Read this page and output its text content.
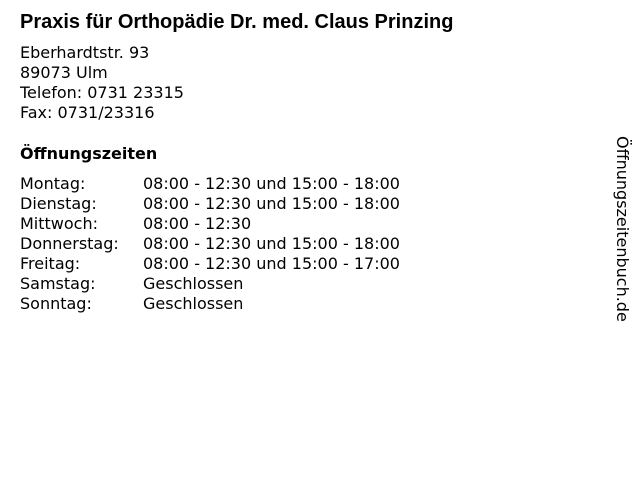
Praxis für Orthopädie Dr. med. Claus Prinzing
Eberhardtstr. 93
89073 Ulm
Telefon: 0731 23315
Fax: 0731/23316
Öffnungszeiten
Montag:	08:00 - 12:30 und 15:00 - 18:00
Dienstag:	08:00 - 12:30 und 15:00 - 18:00
Mittwoch:	08:00 - 12:30
Donnerstag:	08:00 - 12:30 und 15:00 - 18:00
Freitag:	08:00 - 12:30 und 15:00 - 17:00
Samstag:	Geschlossen
Sonntag:	Geschlossen	Öffnungszeitenbuch.de
